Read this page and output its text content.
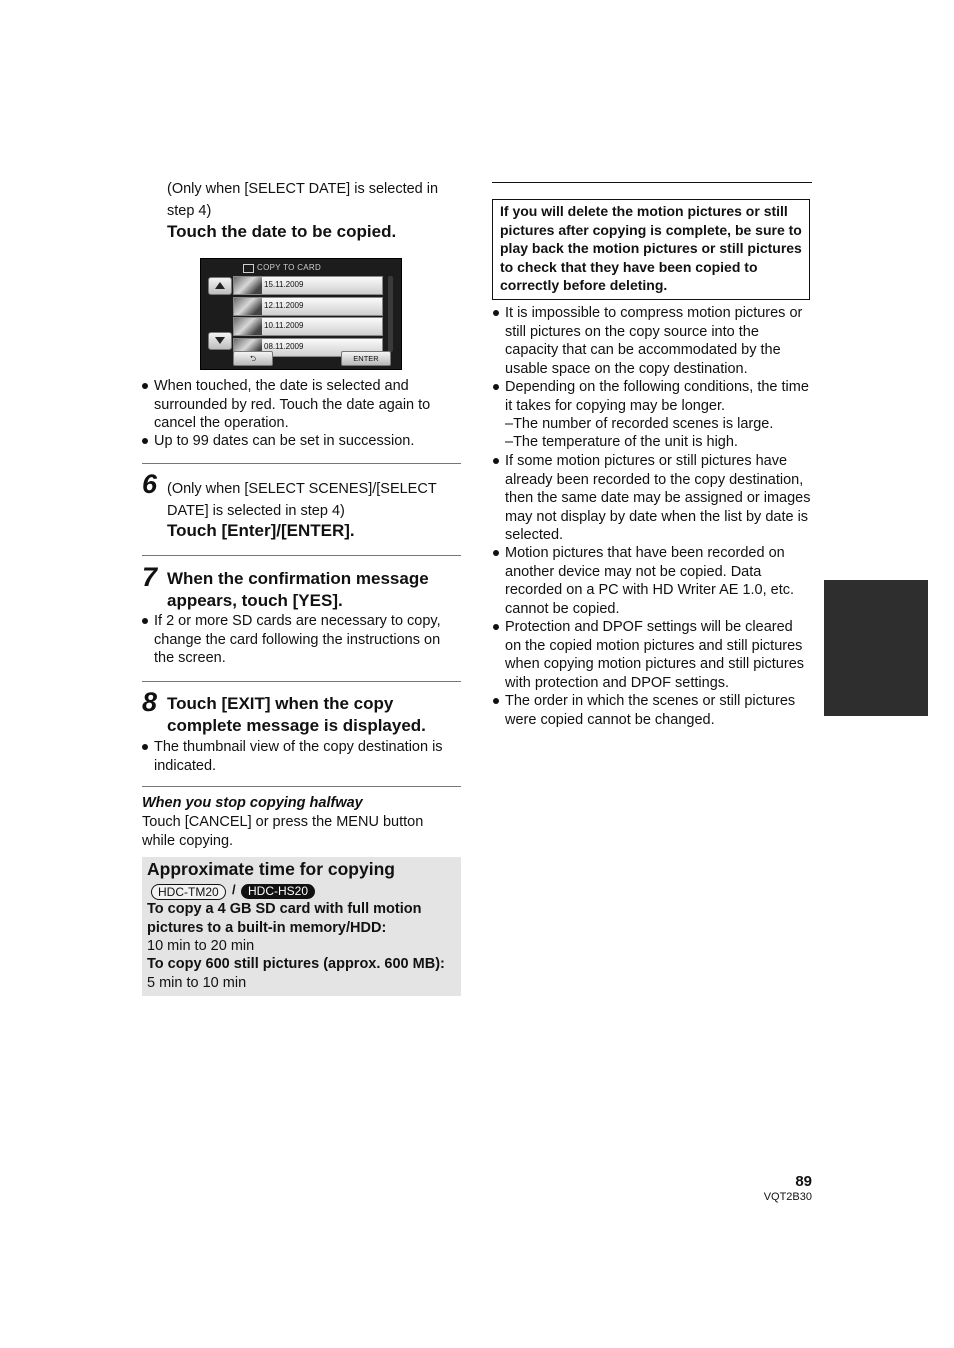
(Only when [SELECT DATE] is selected in step 4)
Touch the date to be copied.
COPY TO CARD
15.11.2009
12.11.2009
10.11.2009
08.11.2009
⮌	ENTER
When touched, the date is selected and surrounded by red. Touch the date again to cancel the operation.
Up to 99 dates can be set in succession.
6 (Only when [SELECT SCENES]/[SELECT DATE] is selected in step 4)
Touch [Enter]/[ENTER].
7 When the confirmation message appears, touch [YES].
If 2 or more SD cards are necessary to copy, change the card following the instructions on the screen.
8 Touch [EXIT] when the copy complete message is displayed.
The thumbnail view of the copy destination is indicated.
When you stop copying halfway
Touch [CANCEL] or press the MENU button while copying.
Approximate time for copying
HDC-TM20	/	HDC-HS20
To copy a 4 GB SD card with full motion pictures to a built-in memory/HDD:
10 min to 20 min
To copy 600 still pictures (approx. 600 MB):
5 min to 10 min
If you will delete the motion pictures or still pictures after copying is complete, be sure to play back the motion pictures or still pictures to check that they have been copied to correctly before deleting.
It is impossible to compress motion pictures or still pictures on the copy source into the capacity that can be accommodated by the usable space on the copy destination.
Depending on the following conditions, the time it takes for copying may be longer.
–The number of recorded scenes is large.
–The temperature of the unit is high.
If some motion pictures or still pictures have already been recorded to the copy destination, then the same date may be assigned or images may not display by date when the list by date is selected.
Motion pictures that have been recorded on another device may not be copied. Data recorded on a PC with HD Writer AE 1.0, etc. cannot be copied.
Protection and DPOF settings will be cleared on the copied motion pictures and still pictures when copying motion pictures and still pictures with protection and DPOF settings.
The order in which the scenes or still pictures were copied cannot be changed.
89
VQT2B30
